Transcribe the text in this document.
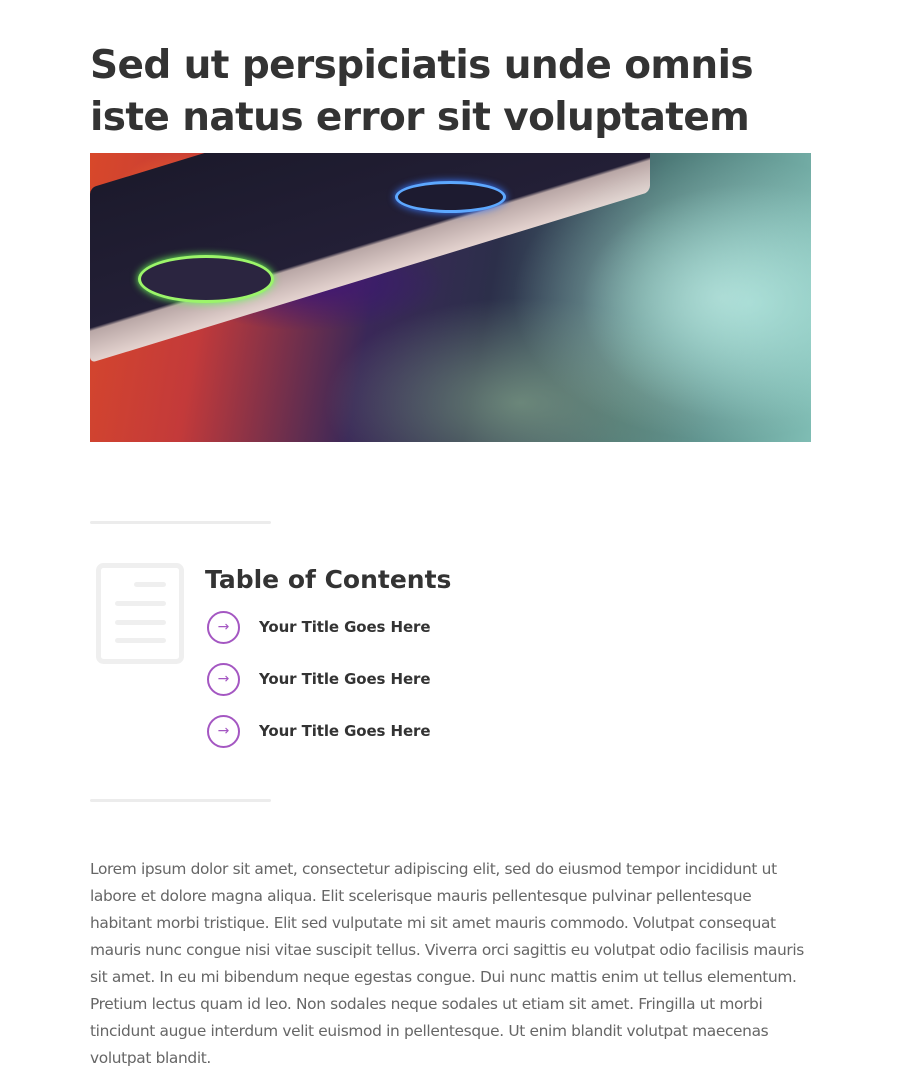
Sed ut perspiciatis unde omnis iste natus error sit voluptatem
Table of Contents
→	Your Title Goes Here
→	Your Title Goes Here
→	Your Title Goes Here

Lorem ipsum dolor sit amet, consectetur adipiscing elit, sed do eiusmod tempor incididunt ut labore et dolore magna aliqua. Elit scelerisque mauris pellentesque pulvinar pellentesque habitant morbi tristique. Elit sed vulputate mi sit amet mauris commodo. Volutpat consequat mauris nunc congue nisi vitae suscipit tellus. Viverra orci sagittis eu volutpat odio facilisis mauris sit amet. In eu mi bibendum neque egestas congue. Dui nunc mattis enim ut tellus elementum. Pretium lectus quam id leo. Non sodales neque sodales ut etiam sit amet. Fringilla ut morbi tincidunt augue interdum velit euismod in pellentesque. Ut enim blandit volutpat maecenas volutpat blandit.
